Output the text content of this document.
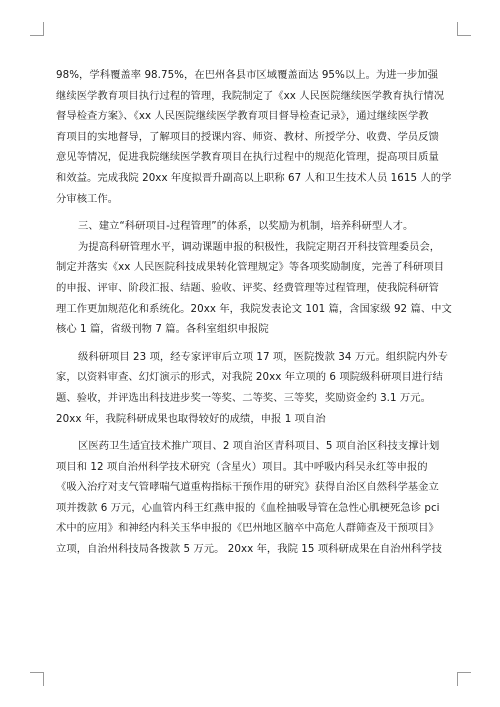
98%，学科覆盖率 98.75%，在巴州各县市区域覆盖面达 95%以上。为进一步加强
继续医学教育项目执行过程的管理，我院制定了《xx 人民医院继续医学教育执行情况
督导检查方案》、《xx 人民医院继续医学教育项目督导检查记录》，通过继续医学教
育项目的实地督导，了解项目的授课内容、师资、教材、所授学分、收费、学员反馈
意见等情况，促进我院继续医学教育项目在执行过程中的规范化管理，提高项目质量
和效益。完成我院 20xx 年度拟晋升副高以上职称 67 人和卫生技术人员 1615 人的学
分审核工作。
三、建立“科研项目-过程管理”的体系，以奖励为机制，培养科研型人才。
为提高科研管理水平，调动课题申报的积极性，我院定期召开科技管理委员会，
制定并落实《xx 人民医院科技成果转化管理规定》等各项奖励制度，完善了科研项目
的申报、评审、阶段汇报、结题、验收、评奖、经费管理等过程管理，使我院科研管
理工作更加规范化和系统化。20xx 年，我院发表论文 101 篇，含国家级 92 篇、中文
核心 1 篇，省级刊物 7 篇。各科室组织申报院
级科研项目 23 项，经专家评审后立项 17 项，医院拨款 34 万元。组织院内外专
家，以资料审查、幻灯演示的形式，对我院 20xx 年立项的 6 项院级科研项目进行结
题、验收，并评选出科技进步奖一等奖、二等奖、三等奖，奖励资金约 3.1 万元。
20xx 年，我院科研成果也取得较好的成绩，申报 1 项自治
区医药卫生适宜技术推广项目、2 项自治区青科项目、5 项自治区科技支撑计划
项目和 12 项自治州科学技术研究（含星火）项目。其中呼吸内科吴永红等申报的
《吸入治疗对支气管哮喘气道重构指标干预作用的研究》获得自治区自然科学基金立
项并拨款 6 万元，心血管内科王红燕申报的《血栓抽吸导管在急性心肌梗死急诊 pci
术中的应用》和神经内科关玉华申报的《巴州地区脑卒中高危人群筛查及干预项目》
立项，自治州科技局各拨款 5 万元。 20xx 年，我院 15 项科研成果在自治州科学技
